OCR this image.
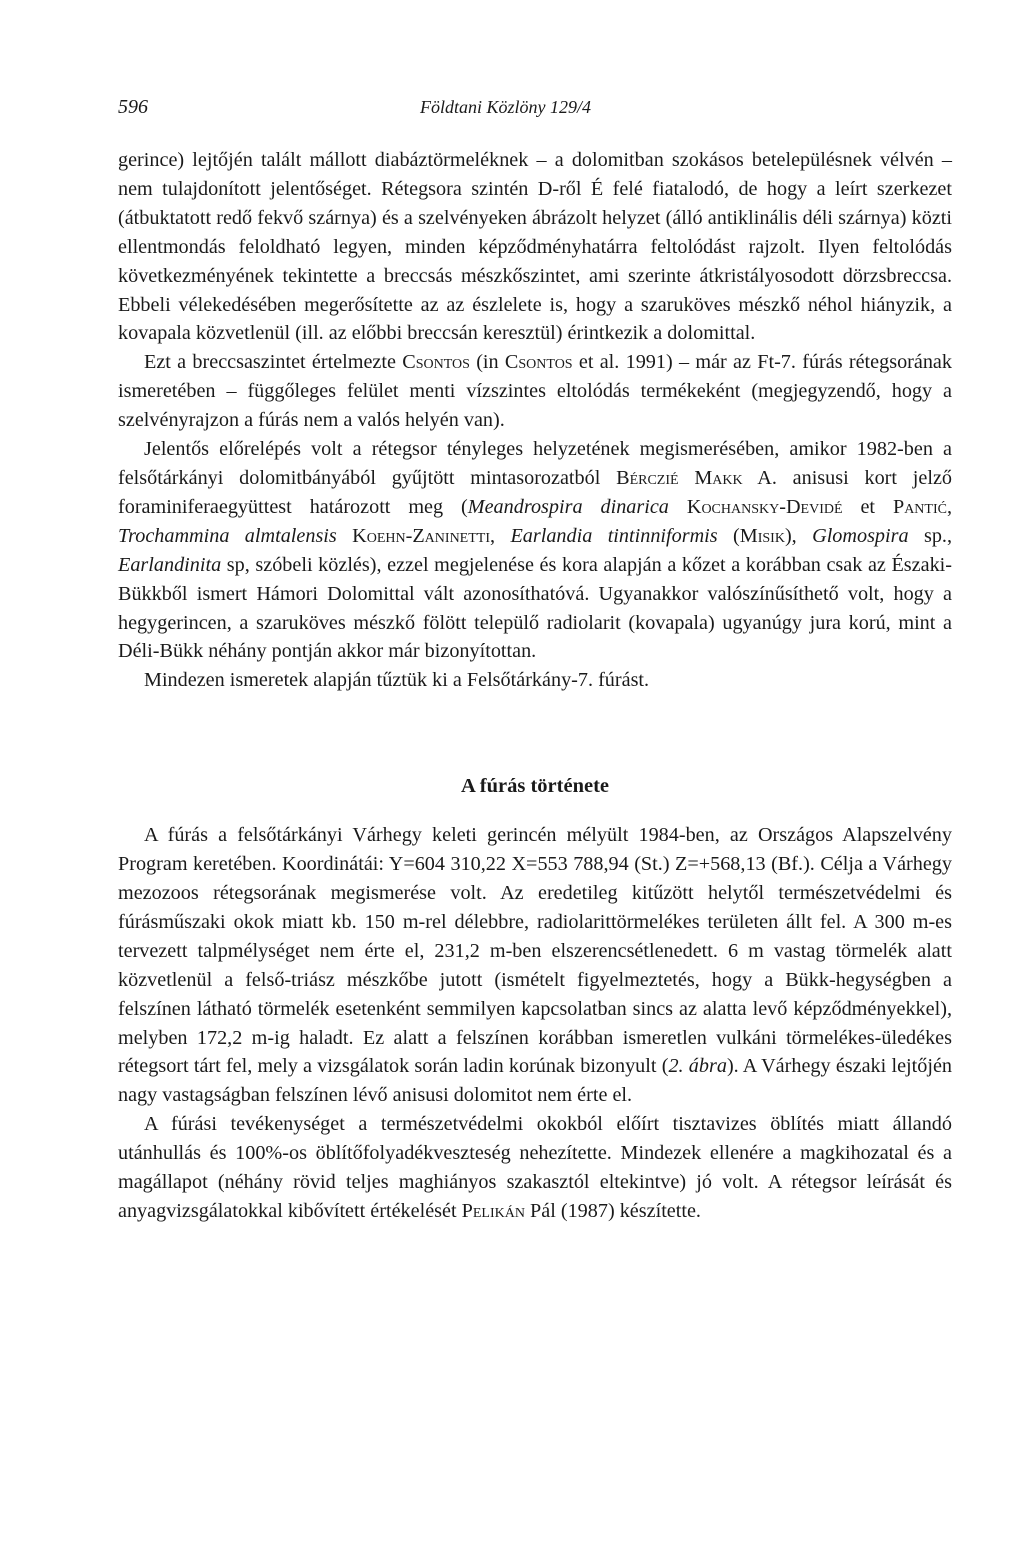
596	Földtani Közlöny 129/4

gerince) lejtőjén talált mállott diabáztörmeléknek – a dolomitban szokásos betelepülésnek vélvén – nem tulajdonított jelentőséget. Rétegsora szintén D-ről É felé fiatalodó, de hogy a leírt szerkezet (átbuktatott redő fekvő szárnya) és a szelvényeken ábrázolt helyzet (álló antiklinális déli szárnya) közti ellentmondás feloldható legyen, minden képződményhatárra feltolódást rajzolt. Ilyen feltolódás következményének tekintette a breccsás mészkőszintet, ami szerinte átkristályosodott dörzsbreccsa. Ebbeli vélekedésében megerősítette az az észlelete is, hogy a szaruköves mészkő néhol hiányzik, a kovapala közvetlenül (ill. az előbbi breccsán keresztül) érintkezik a dolomittal.

Ezt a breccsaszintet értelmezte Csontos (in Csontos et al. 1991) – már az Ft-7. fúrás rétegsorának ismeretében – függőleges felület menti vízszintes eltolódás termékeként (megjegyzendő, hogy a szelvényrajzon a fúrás nem a valós helyén van).

Jelentős előrelépés volt a rétegsor tényleges helyzetének megismerésében, amikor 1982-ben a felsőtárkányi dolomitbányából gyűjtött mintasorozatból Bérczié Makk A. anisusi kort jelző foraminiferaegyüttest határozott meg (Meandrospira dinarica Kochansky-Devidé et Pantić, Trochammina almtalensis Koehn-Zaninetti, Earlandia tintinniformis (Misik), Glomospira sp., Earlandinita sp, szóbeli közlés), ezzel megjelenése és kora alapján a kőzet a korábban csak az Északi-Bükkből ismert Hámori Dolomittal vált azonosíthatóvá. Ugyanakkor valószínűsíthető volt, hogy a hegygerincen, a szaruköves mészkő fölött települő radiolarit (kovapala) ugyanúgy jura korú, mint a Déli-Bükk néhány pontján akkor már bizonyítottan.

Mindezen ismeretek alapján tűztük ki a Felsőtárkány-7. fúrást.

A fúrás története

A fúrás a felsőtárkányi Várhegy keleti gerincén mélyült 1984-ben, az Országos Alapszelvény Program keretében. Koordinátái: Y=604 310,22 X=553 788,94 (St.) Z=+568,13 (Bf.). Célja a Várhegy mezozoos rétegsorának megismerése volt. Az eredetileg kitűzött helytől természetvédelmi és fúrásműszaki okok miatt kb. 150 m-rel délebbre, radiolarittörmelékes területen állt fel. A 300 m-es tervezett talpmélységet nem érte el, 231,2 m-ben elszerencsétlenedett. 6 m vastag törmelék alatt közvetlenül a felső-triász mészkőbe jutott (ismételt figyelmeztetés, hogy a Bükk-hegységben a felszínen látható törmelék esetenként semmilyen kapcsolatban sincs az alatta levő képződményekkel), melyben 172,2 m-ig haladt. Ez alatt a felszínen korábban ismeretlen vulkáni törmelékes-üledékes rétegsort tárt fel, mely a vizsgálatok során ladin korúnak bizonyult (2. ábra). A Várhegy északi lejtőjén nagy vastagságban felszínen lévő anisusi dolomitot nem érte el.

A fúrási tevékenységet a természetvédelmi okokból előírt tisztavizes öblítés miatt állandó utánhullás és 100%-os öblítőfolyadékveszteség nehezítette. Mindezek ellenére a magkihozatal és a magállapot (néhány rövid teljes maghiányos szakasztól eltekintve) jó volt. A rétegsor leírását és anyagvizsgálatokkal kibővített értékelését Pelikán Pál (1987) készítette.
